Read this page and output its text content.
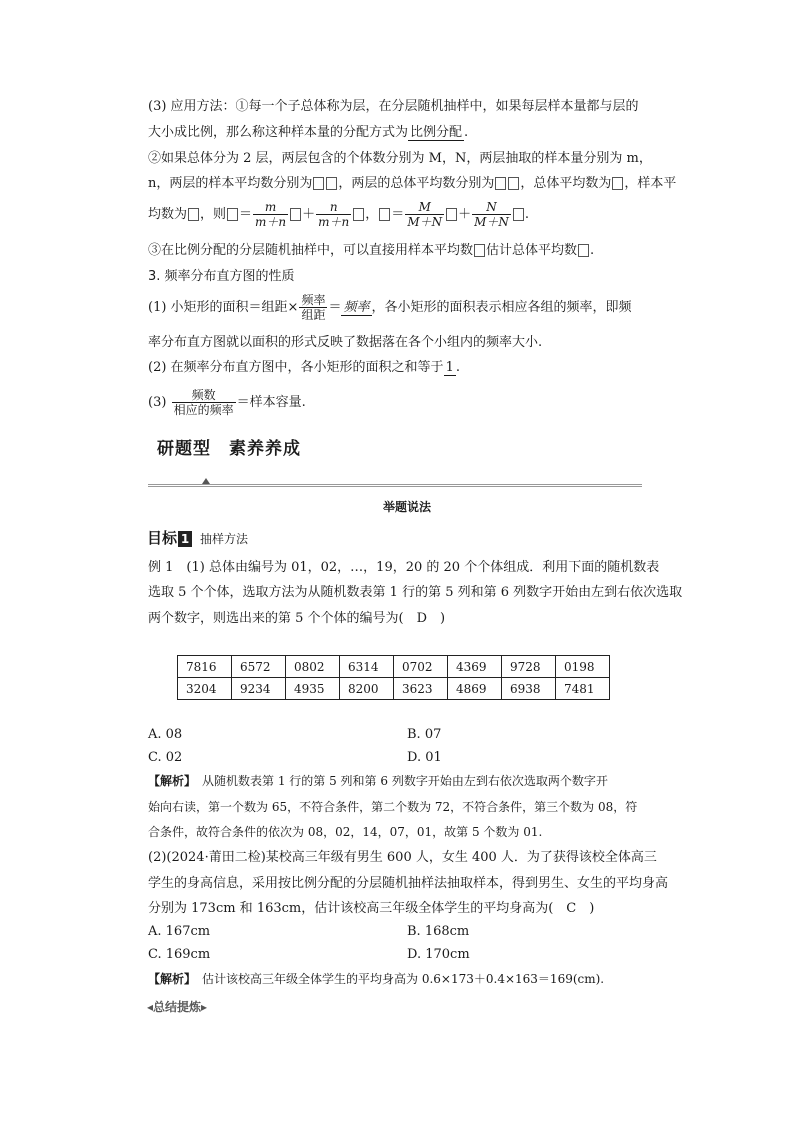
(3) 应用方法：①每一个子总体称为层，在分层随机抽样中，如果每层样本量都与层的
大小成比例，那么称这种样本量的分配方式为 比例分配 .
②如果总体分为 2 层，两层包含的个体数分别为 M，N，两层抽取的样本量分别为 m，
n，两层的样本平均数分别为 ，两层的总体平均数分别为 ，总体平均数为 ，样本平
均数为 ，则 ＝ $\frac{m}{m+n} + \frac{n}{m+n}$ ， ＝ $\frac{M}{M+N} + \frac{N}{M+N}$ .
③在比例分配的分层随机抽样中，可以直接用样本平均数 估计总体平均数 .
3. 频率分布直方图的性质
(1) 小矩形的面积＝组距× $\frac{\text{频率}}{\text{组距}}$ ＝ 频率 ，各小矩形的面积表示相应各组的频率，即频
率分布直方图就以面积的形式反映了数据落在各个小组内的频率大小.
(2) 在频率分布直方图中，各小矩形的面积之和等于 1 .
$(3) \frac{\text{频数}}{\text{相应的频率}}$ ＝样本容量.
研题型　素养养成
举题说法
目标 1 抽样方法
例 1　(1) 总体由编号为 01，02，…，19，20 的 20 个个体组成．利用下面的随机数表
选取 5 个个体，选取方法为从随机数表第 1 行的第 5 列和第 6 列数字开始由左到右依次选取
两个数字，则选出来的第 5 个个体的编号为(　D　)
7816	6572	0802	6314	0702	4369	9728	0198
3204	9234	4935	8200	3623	4869	6938	7481
A. 08	B. 07
C. 02	D. 01
【解析】　 从随机数表第 1 行的第 5 列和第 6 列数字开始由左到右依次选取两个数字开
始向右读，第一个数为 65，不符合条件，第二个数为 72，不符合条件，第三个数为 08，符
合条件，故符合条件的依次为 08，02，14，07，01，故第 5 个数为 01.
(2)(2024·莆田二检)某校高三年级有男生 600 人，女生 400 人．为了获得该校全体高三
学生的身高信息，采用按比例分配的分层随机抽样法抽取样本，得到男生、女生的平均身高
分别为 173cm 和 163cm，估计该校高三年级全体学生的平均身高为(　C　)
A. 167cm	B. 168cm
C. 169cm	D. 170cm
【解析】　 估计该校高三年级全体学生的平均身高为 0.6×173＋0.4×163＝169(cm).
◂总结提炼▸
